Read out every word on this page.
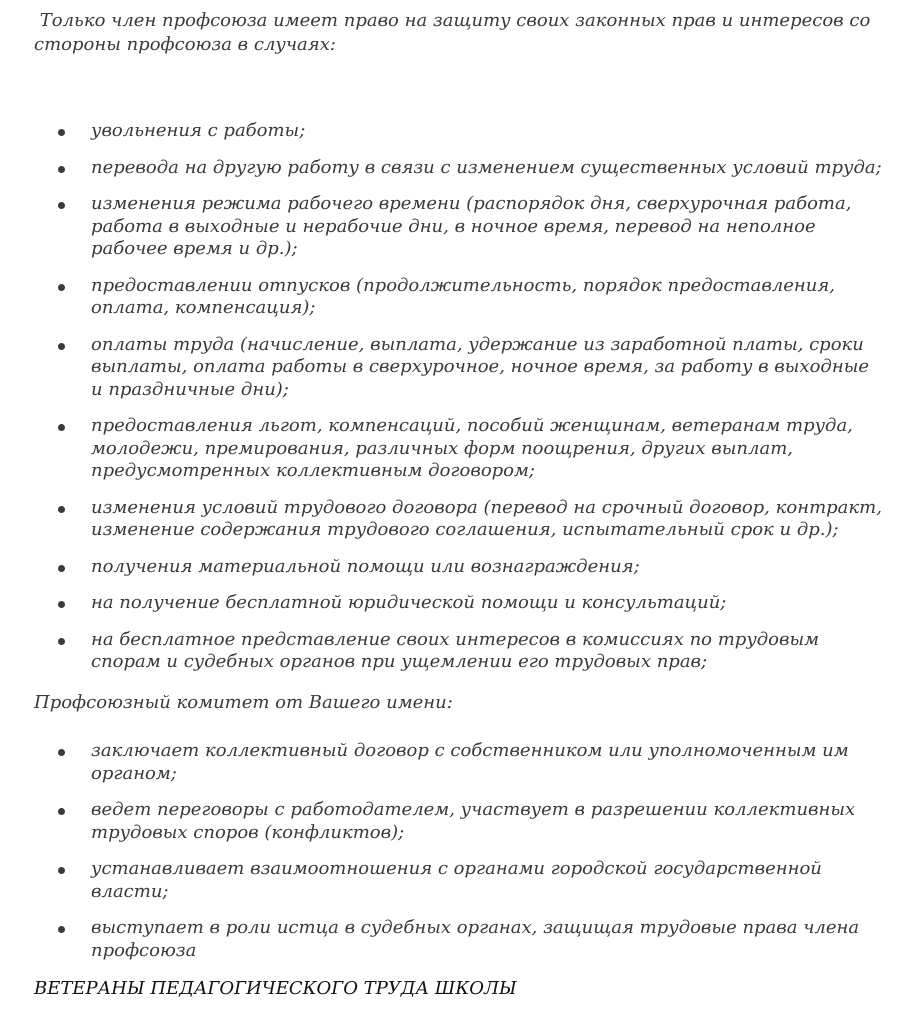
Только член профсоюза имеет право на защиту своих законных прав и интересов со стороны профсоюза в случаях:

увольнения с работы;
перевода на другую работу в связи с изменением существенных условий труда;
изменения режима рабочего времени (распорядок дня, сверхурочная работа, работа в выходные и нерабочие дни, в ночное время, перевод на неполное рабочее время и др.);
предоставлении отпусков (продолжительность, порядок предоставления, оплата, компенсация);
оплаты труда (начисление, выплата, удержание из заработной платы, сроки выплаты, оплата работы в сверхурочное, ночное время, за работу в выходные и праздничные дни);
предоставления льгот, компенсаций, пособий женщинам, ветеранам труда, молодежи, премирования, различных форм поощрения, других выплат, предусмотренных коллективным договором;
изменения условий трудового договора (перевод на срочный договор, контракт, изменение содержания трудового соглашения, испытательный срок и др.);
получения материальной помощи или вознаграждения;
на получение бесплатной юридической помощи и консультаций;
на бесплатное представление своих интересов в комиссиях по трудовым спорам и судебных органов при ущемлении его трудовых прав;

Профсоюзный комитет от Вашего имени:

заключает коллективный договор с собственником или уполномоченным им органом;
ведет переговоры с работодателем, участвует в разрешении коллективных трудовых споров (конфликтов);
устанавливает взаимоотношения с органами городской государственной власти;
выступает в роли истца в судебных органах, защищая трудовые права члена профсоюза

ВЕТЕРАНЫ ПЕДАГОГИЧЕСКОГО ТРУДА ШКОЛЫ
